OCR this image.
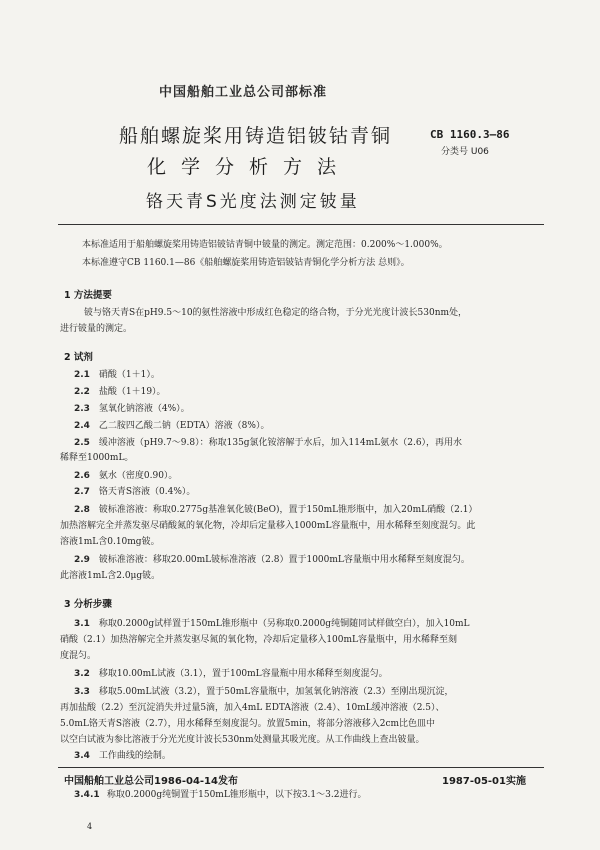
中国船舶工业总公司部标准
船舶螺旋桨用铸造铝铍钴青铜
化学分析方法
铬天青S光度法测定铍量
CB 1160.3—86
分类号 U06
本标准适用于船舶螺旋桨用铸造铝铍钴青铜中铍量的测定。测定范围：0.200%～1.000%。
本标准遵守CB 1160.1—86《船舶螺旋桨用铸造铝铍钴青铜化学分析方法 总则》。
1 方法提要
铍与铬天青S在pH9.5～10的氨性溶液中形成红色稳定的络合物，于分光光度计波长530nm处，
进行铍量的测定。
2 试剂
2.1 硝酸（1＋1）。
2.2 盐酸（1＋19）。
2.3 氢氧化钠溶液（4%）。
2.4 乙二胺四乙酸二钠（EDTA）溶液（8%）。
2.5 缓冲溶液（pH9.7～9.8）：称取135g氯化铵溶解于水后，加入114mL氨水（2.6），再用水
稀释至1000mL。
2.6 氨水（密度0.90）。
2.7 铬天青S溶液（0.4%）。
2.8 铍标准溶液：称取0.2775g基准氧化铍(BeO)，置于150mL锥形瓶中，加入20mL硝酸（2.1）
加热溶解完全并蒸发驱尽硝酸氮的氧化物，冷却后定量移入1000mL容量瓶中，用水稀释至刻度混匀。此
溶液1mL含0.10mg铍。
2.9 铍标准溶液：移取20.00mL铍标准溶液（2.8）置于1000mL容量瓶中用水稀释至刻度混匀。
此溶液1mL含2.0μg铍。
3 分析步骤
3.1 称取0.2000g试样置于150mL锥形瓶中（另称取0.2000g纯铜随同试样做空白），加入10mL
硝酸（2.1）加热溶解完全并蒸发驱尽氮的氧化物，冷却后定量移入100mL容量瓶中，用水稀释至刻
度混匀。
3.2 移取10.00mL试液（3.1），置于100mL容量瓶中用水稀释至刻度混匀。
3.3 移取5.00mL试液（3.2），置于50mL容量瓶中，加氢氧化钠溶液（2.3）至刚出现沉淀，
再加盐酸（2.2）至沉淀消失并过量5滴，加入4mL EDTA溶液（2.4）、10mL缓冲溶液（2.5）、
5.0mL铬天青S溶液（2.7），用水稀释至刻度混匀。放置5min，将部分溶液移入2cm比色皿中
以空白试液为参比溶液于分光光度计波长530nm处测量其吸光度。从工作曲线上查出铍量。
3.4 工作曲线的绘制。
中国船舶工业总公司1986-04-14发布	1987-05-01实施
4
3.4.1 称取0.2000g纯铜置于150mL锥形瓶中，以下按3.1～3.2进行。
